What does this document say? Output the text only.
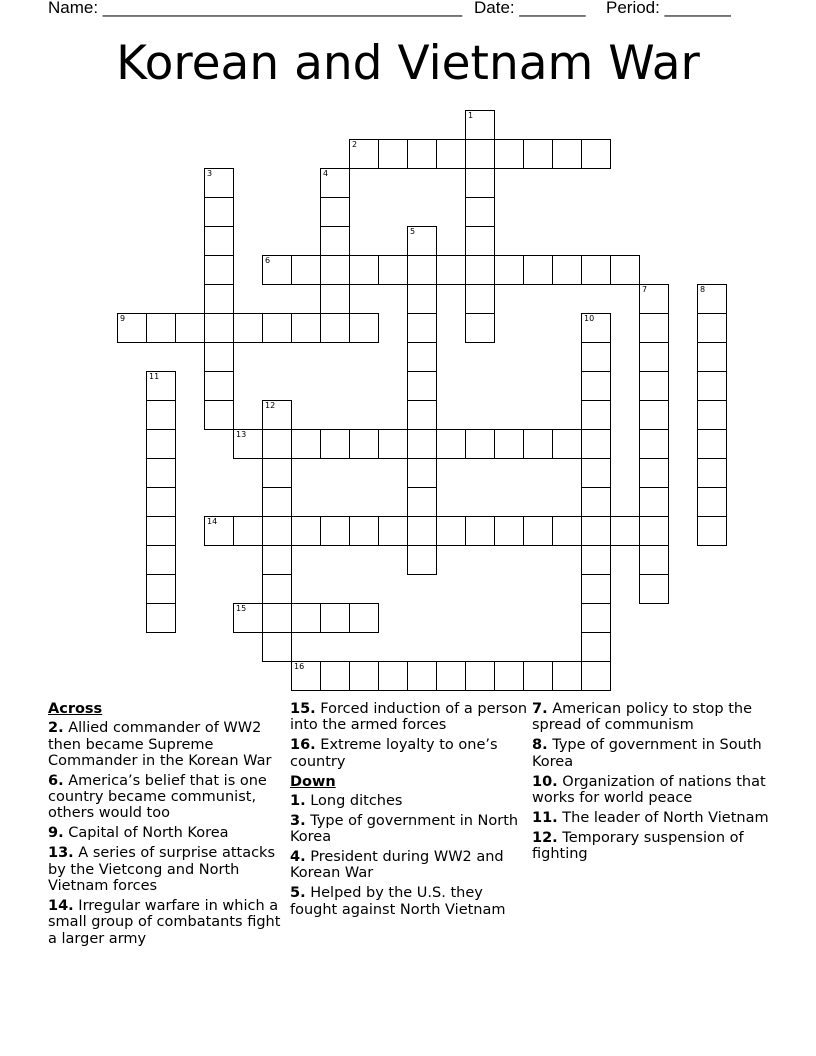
Name: ______________________________________ Date: _______ Period: _______
Korean and Vietnam War
1
2
3	4
5
6
7	8
9	10
11
12
13
14
15
16
Across
2. Allied commander of WW2 then became Supreme Commander in the Korean War
6. America’s belief that is one country became communist, others would too
9. Capital of North Korea
13. A series of surprise attacks by the Vietcong and North Vietnam forces
14. Irregular warfare in which a small group of combatants fight a larger army
15. Forced induction of a person into the armed forces
16. Extreme loyalty to one’s country
Down
1. Long ditches
3. Type of government in North Korea
4. President during WW2 and Korean War
5. Helped by the U.S. they fought against North Vietnam
7. American policy to stop the spread of communism
8. Type of government in South Korea
10. Organization of nations that works for world peace
11. The leader of North Vietnam
12. Temporary suspension of fighting
